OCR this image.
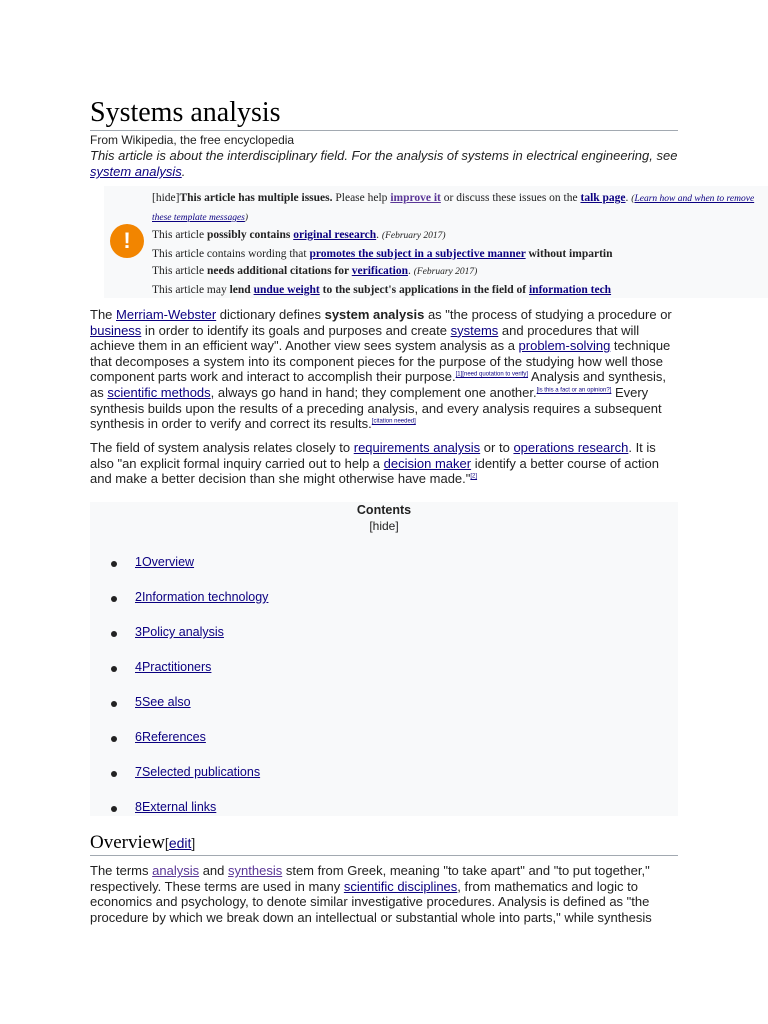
Systems analysis
From Wikipedia, the free encyclopedia
This article is about the interdisciplinary field. For the analysis of systems in electrical engineering, see system analysis.
The Merriam-Webster dictionary defines system analysis as "the process of studying a procedure or business in order to identify its goals and purposes and create systems and procedures that will achieve them in an efficient way". Another view sees system analysis as a problem-solving technique that decomposes a system into its component pieces for the purpose of the studying how well those component parts work and interact to accomplish their purpose.[1][need quotation to verify] Analysis and synthesis, as scientific methods, always go hand in hand; they complement one another.[is this a fact or an opinion?] Every synthesis builds upon the results of a preceding analysis, and every analysis requires a subsequent synthesis in order to verify and correct its results.[citation needed]
The field of system analysis relates closely to requirements analysis or to operations research. It is also "an explicit formal inquiry carried out to help a decision maker identify a better course of action and make a better decision than she might otherwise have made."[2]
Contents
[hide]
1Overview
2Information technology
3Policy analysis
4Practitioners
5See also
6References
7Selected publications
8External links
Overview[edit]
The terms analysis and synthesis stem from Greek, meaning "to take apart" and "to put together," respectively. These terms are used in many scientific disciplines, from mathematics and logic to economics and psychology, to denote similar investigative procedures. Analysis is defined as "the procedure by which we break down an intellectual or substantial whole into parts," while synthesis
!
[hide]This article has multiple issues. Please help improve it or discuss these issues on the talk page. (Learn how and when to remove these template messages)
This article possibly contains original research. (February 2017)
This article contains wording that promotes the subject in a subjective manner without impartin
This article needs additional citations for verification. (February 2017)
This article may lend undue weight to the subject's applications in the field of information tech
